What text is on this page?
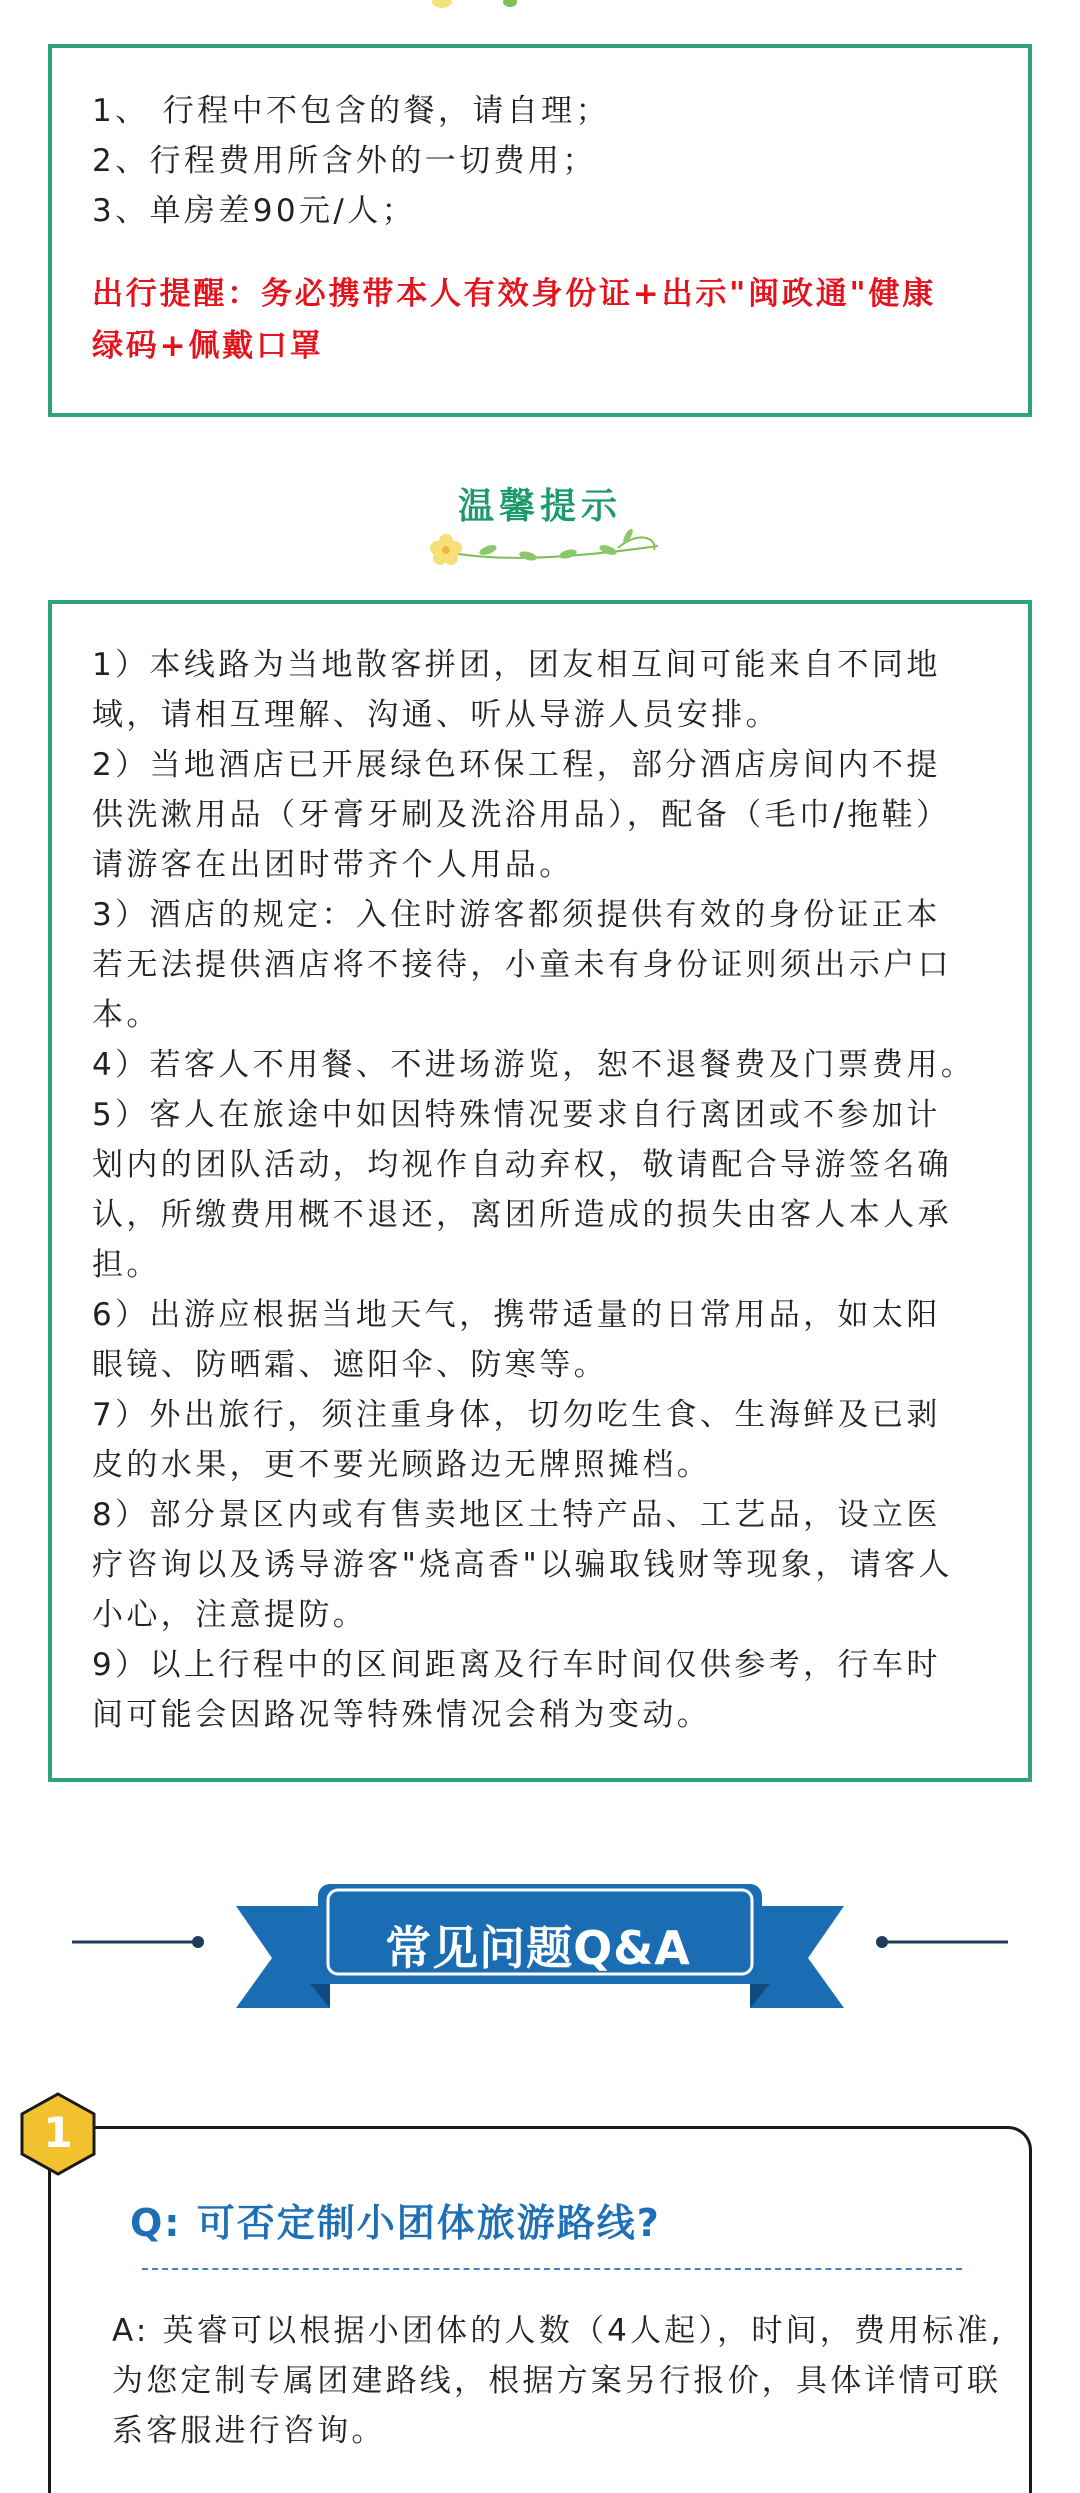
1、 行程中不包含的餐，请自理；
2、行程费用所含外的一切费用；
3、单房差90元/人；
出行提醒：务必携带本人有效身份证+出示"闽政通"健康
绿码+佩戴口罩
温馨提示
1）本线路为当地散客拼团，团友相互间可能来自不同地
域，请相互理解、沟通、听从导游人员安排。
2）当地酒店已开展绿色环保工程，部分酒店房间内不提
供洗漱用品（牙膏牙刷及洗浴用品），配备（毛巾/拖鞋）
请游客在出团时带齐个人用品。
3）酒店的规定：入住时游客都须提供有效的身份证正本
若无法提供酒店将不接待，小童未有身份证则须出示户口
本。
4）若客人不用餐、不进场游览，恕不退餐费及门票费用。
5）客人在旅途中如因特殊情况要求自行离团或不参加计
划内的团队活动，均视作自动弃权，敬请配合导游签名确
认，所缴费用概不退还，离团所造成的损失由客人本人承
担。
6）出游应根据当地天气，携带适量的日常用品，如太阳
眼镜、防晒霜、遮阳伞、防寒等。
7）外出旅行，须注重身体，切勿吃生食、生海鲜及已剥
皮的水果，更不要光顾路边无牌照摊档。
8）部分景区内或有售卖地区土特产品、工艺品，设立医
疗咨询以及诱导游客"烧高香"以骗取钱财等现象，请客人
小心，注意提防。
9）以上行程中的区间距离及行车时间仅供参考，行车时
间可能会因路况等特殊情况会稍为变动。
常见问题Q&A
1
Q: 可否定制小团体旅游路线?
A: 英睿可以根据小团体的人数（4人起），时间，费用标准,
为您定制专属团建路线，根据方案另行报价，具体详情可联
系客服进行咨询。
